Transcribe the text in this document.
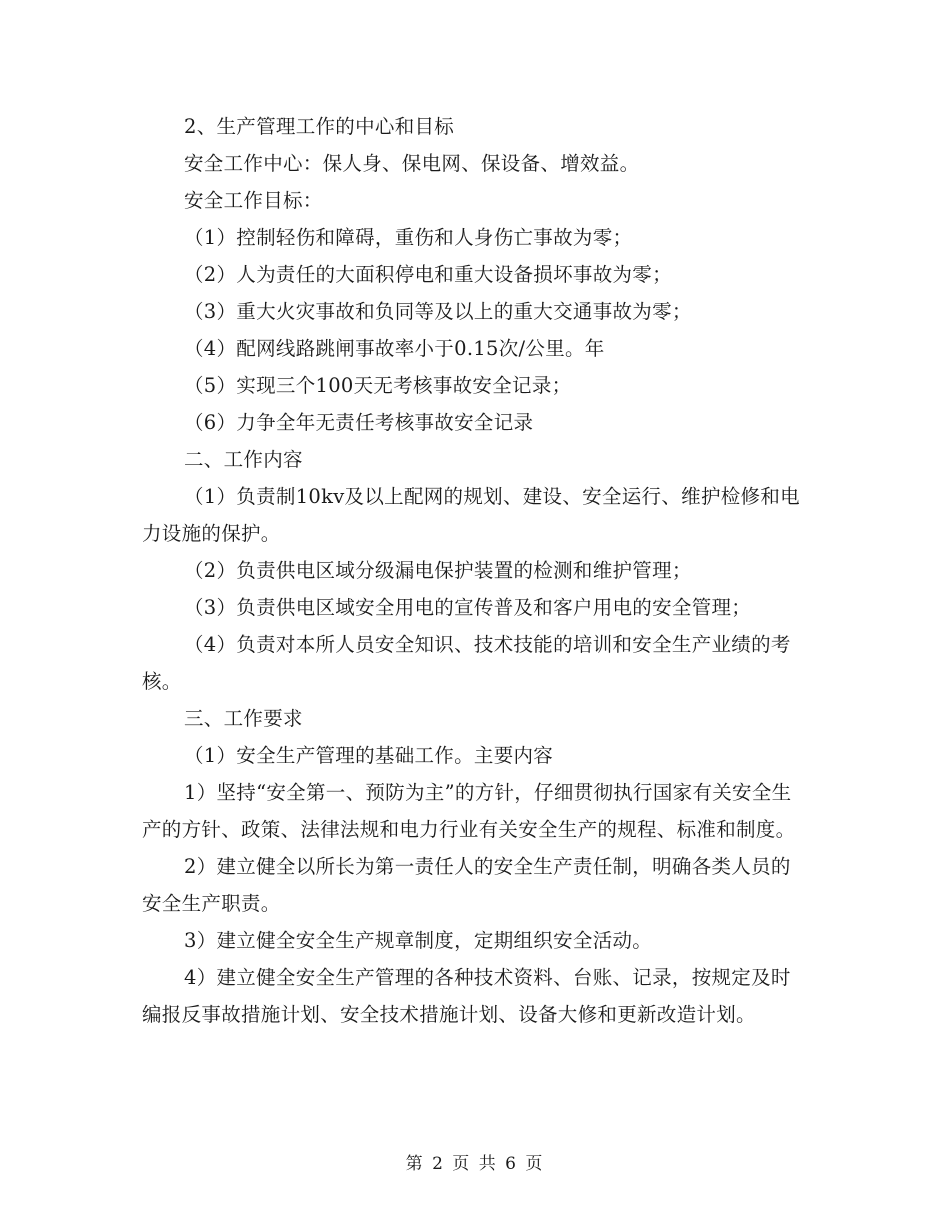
2、生产管理工作的中心和目标

安全工作中心：保人身、保电网、保设备、增效益。

安全工作目标：

（1）控制轻伤和障碍，重伤和人身伤亡事故为零；

（2）人为责任的大面积停电和重大设备损坏事故为零；

（3）重大火灾事故和负同等及以上的重大交通事故为零；

（4）配网线路跳闸事故率小于0.15次/公里。年

（5）实现三个100天无考核事故安全记录；

（6）力争全年无责任考核事故安全记录

二、工作内容

（1）负责制10kv及以上配网的规划、建设、安全运行、维护检修和电力设施的保护。

（2）负责供电区域分级漏电保护装置的检测和维护管理；

（3）负责供电区域安全用电的宣传普及和客户用电的安全管理；

（4）负责对本所人员安全知识、技术技能的培训和安全生产业绩的考核。

三、工作要求

（1）安全生产管理的基础工作。主要内容

1）坚持“安全第一、预防为主”的方针，仔细贯彻执行国家有关安全生产的方针、政策、法律法规和电力行业有关安全生产的规程、标准和制度。

2）建立健全以所长为第一责任人的安全生产责任制，明确各类人员的安全生产职责。

3）建立健全安全生产规章制度，定期组织安全活动。

4）建立健全安全生产管理的各种技术资料、台账、记录，按规定及时编报反事故措施计划、安全技术措施计划、设备大修和更新改造计划。

第 2 页 共 6 页
